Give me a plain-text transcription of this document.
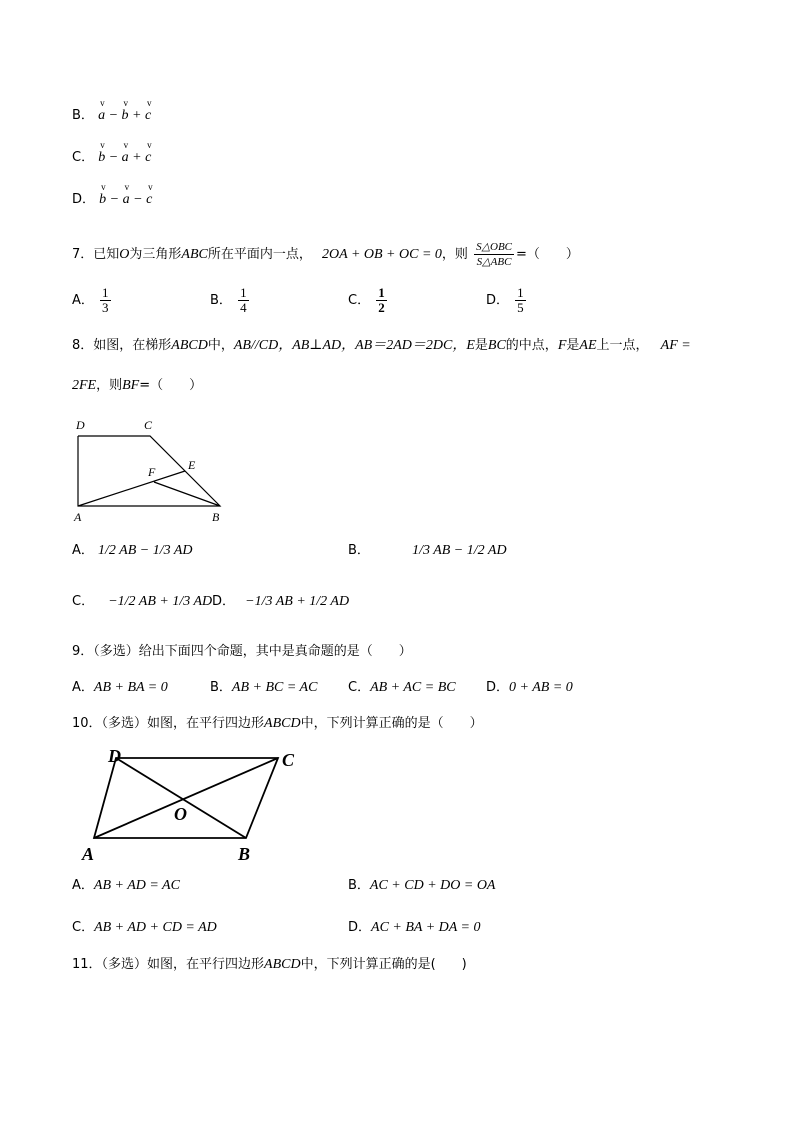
B． a
v
− b
v
+ c
v
C． b
v
− a
v
+ c
v
D． b
v
− a
v
− c
v
7．已知O为三角形ABC所在平面内一点， 2OA + OB + OC = 0，则 $\frac{\text{S△OBC}}{\text{S△ABC}}$ =（　　）
A． $\frac{1}{3}$	B． $\frac{1}{4}$	C． $\frac{1}{2}$	D． $\frac{1}{5}$
8．如图，在梯形ABCD中，AB//CD，AB⊥AD，AB＝2AD＝2DC，E是BC的中点，F是AE上一点， AF =
2FE，则BF=（　　）
D	C
E
F
A	B
A． 1/2 AB − 1/3 AD	B．	1/3 AB − 1/2 AD
C． −1/2 AB + 1/3 AD D． −1/3 AB + 1/2 AD
9．（多选）给出下面四个命题，其中是真命题的是（　　）
A．AB + BA = 0	B．AB + BC = AC C．AB + AC = BC D．0 + AB = 0
10．（多选）如图，在平行四边形ABCD中，下列计算正确的是（　　）
D	C
O
A	B
A．AB + AD = AC	B．AC + CD + DO = OA
C．AB + AD + CD = AD	D．AC + BA + DA = 0
11．（多选）如图，在平行四边形ABCD中，下列计算正确的是(　　)
